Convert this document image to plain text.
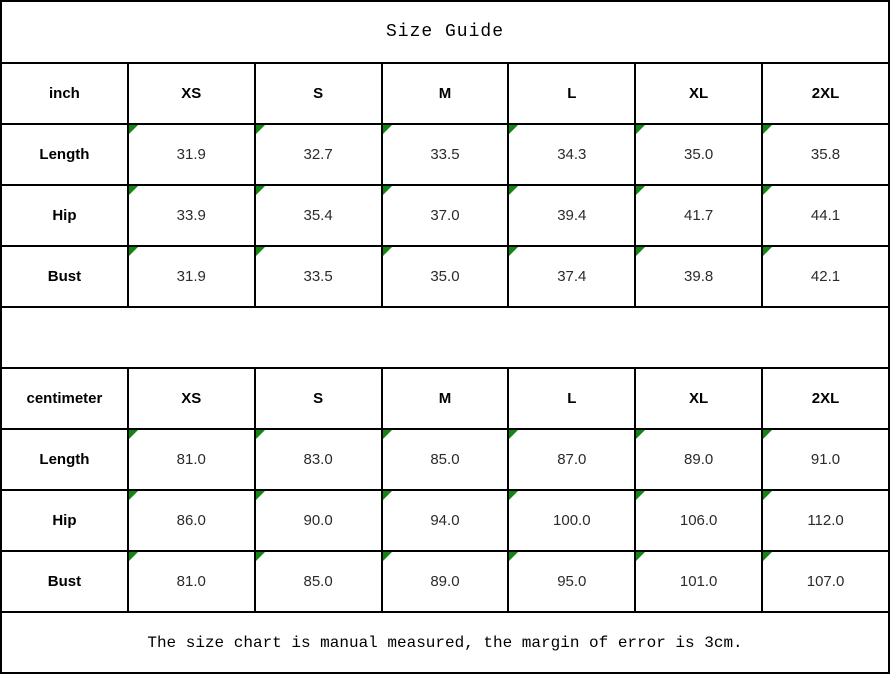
Size Guide						
inch	XS	S	M	L	XL	2XL
Length	31.9	32.7	33.5	34.3	35.0	35.8
Hip	33.9	35.4	37.0	39.4	41.7	44.1
Bust	31.9	33.5	35.0	37.4	39.8	42.1

centimeter	XS	S	M	L	XL	2XL
Length	81.0	83.0	85.0	87.0	89.0	91.0
Hip	86.0	90.0	94.0	100.0	106.0	112.0
Bust	81.0	85.0	89.0	95.0	101.0	107.0
The size chart is manual measured, the margin of error is 3cm.						
